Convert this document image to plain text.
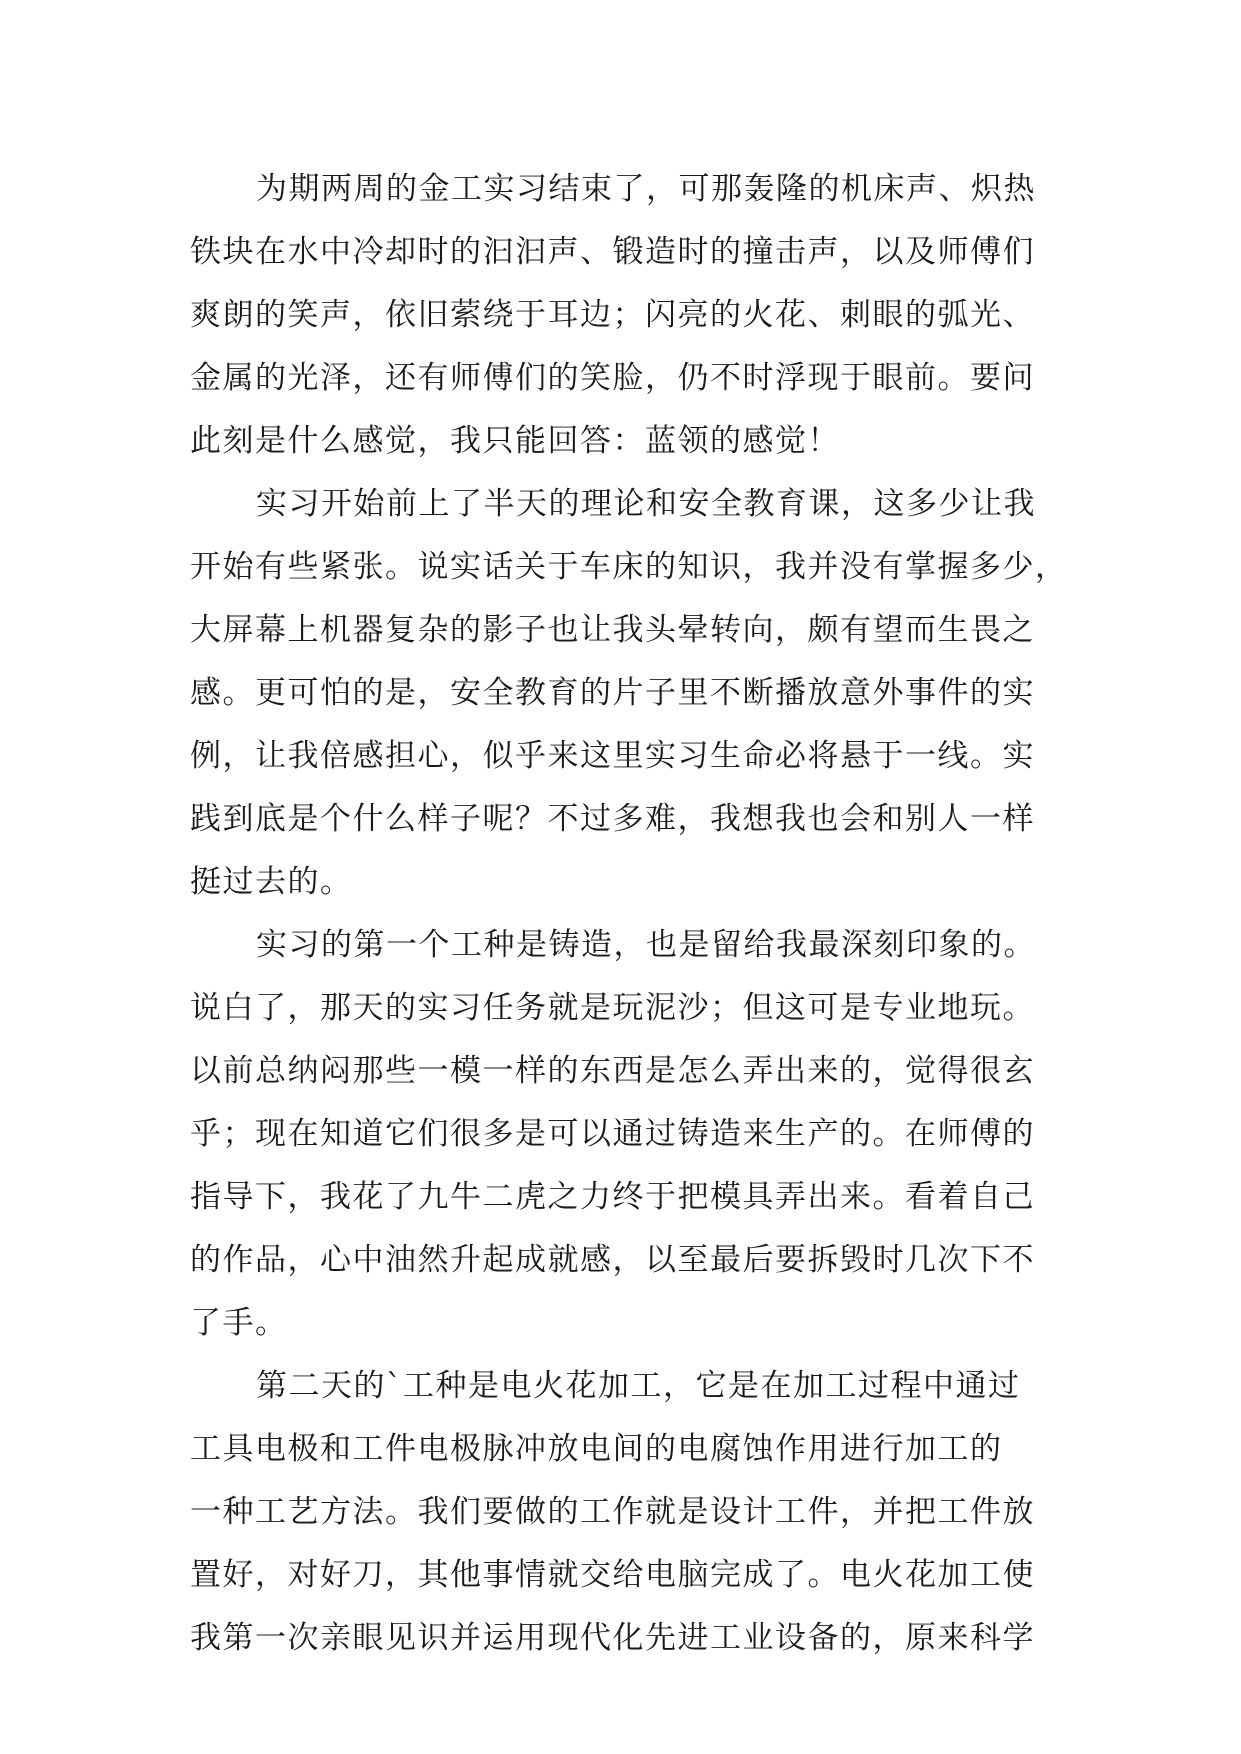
为期两周的金工实习结束了，可那轰隆的机床声、炽热
铁块在水中冷却时的汩汩声、锻造时的撞击声，以及师傅们
爽朗的笑声，依旧萦绕于耳边；闪亮的火花、刺眼的弧光、
金属的光泽，还有师傅们的笑脸，仍不时浮现于眼前。要问
此刻是什么感觉，我只能回答：蓝领的感觉！
实习开始前上了半天的理论和安全教育课，这多少让我
开始有些紧张。说实话关于车床的知识，我并没有掌握多少，
大屏幕上机器复杂的影子也让我头晕转向，颇有望而生畏之
感。更可怕的是，安全教育的片子里不断播放意外事件的实
例，让我倍感担心，似乎来这里实习生命必将悬于一线。实
践到底是个什么样子呢？不过多难，我想我也会和别人一样
挺过去的。
实习的第一个工种是铸造，也是留给我最深刻印象的。
说白了，那天的实习任务就是玩泥沙；但这可是专业地玩。
以前总纳闷那些一模一样的东西是怎么弄出来的，觉得很玄
乎；现在知道它们很多是可以通过铸造来生产的。在师傅的
指导下，我花了九牛二虎之力终于把模具弄出来。看着自己
的作品，心中油然升起成就感，以至最后要拆毁时几次下不
了手。
第二天的`工种是电火花加工，它是在加工过程中通过
工具电极和工件电极脉冲放电间的电腐蚀作用进行加工的
一种工艺方法。我们要做的工作就是设计工件，并把工件放
置好，对好刀，其他事情就交给电脑完成了。电火花加工使
我第一次亲眼见识并运用现代化先进工业设备的，原来科学
